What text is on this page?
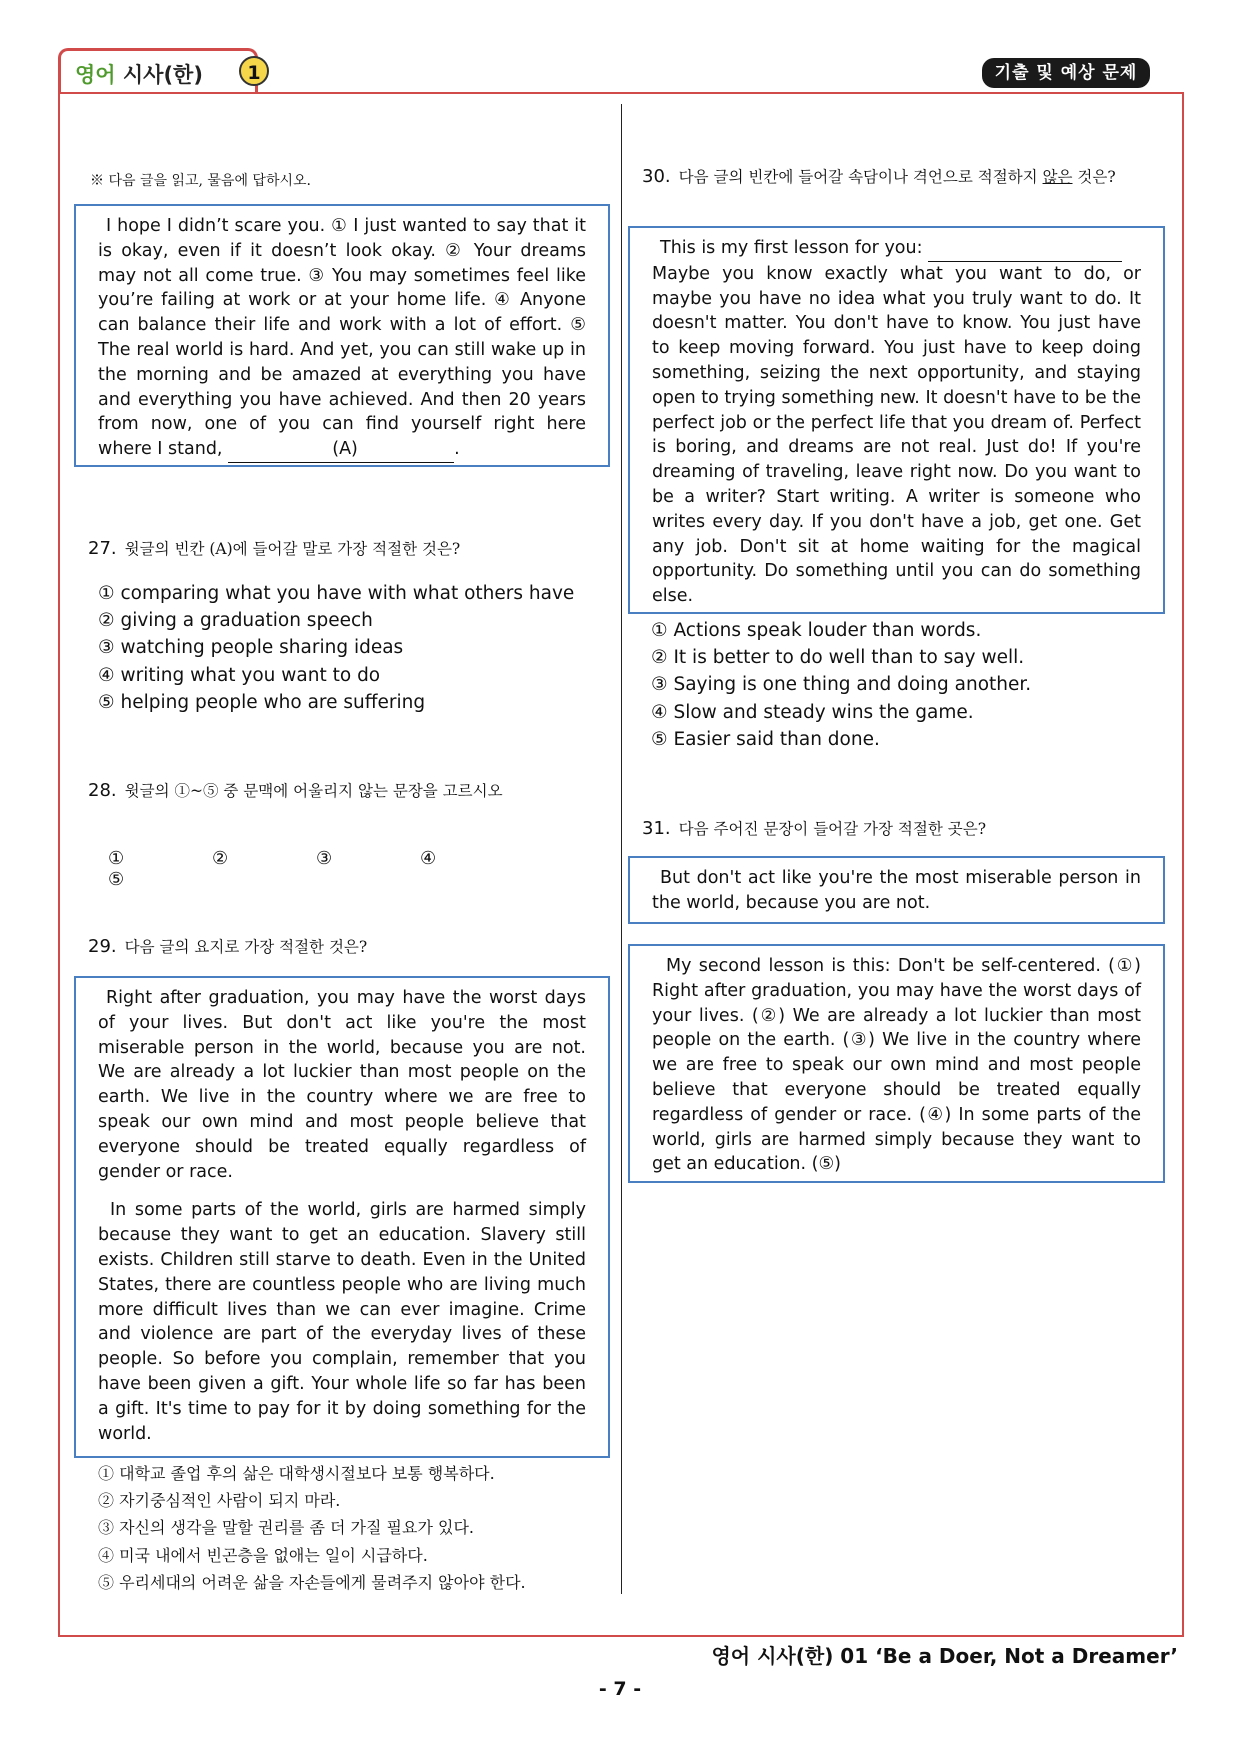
영어 시사(한)	1	기출 및 예상 문제
※ 다음 글을 읽고, 물음에 답하시오.

I hope I didn’t scare you. ① I just wanted to say that it is okay, even if it doesn’t look okay. ② Your dreams may not all come true. ③ You may sometimes feel like you’re failing at work or at your home life. ④ Anyone can balance their life and work with a lot of effort. ⑤ The real world is hard. And yet, you can still wake up in the morning and be amazed at everything you have and everything you have achieved. And then 20 years from now, one of you can find yourself right here where I stand,	(A)	.

27. 윗글의 빈칸 (A)에 들어갈 말로 가장 적절한 것은?
① comparing what you have with what others have
② giving a graduation speech
③ watching people sharing ideas
④ writing what you want to do
⑤ helping people who are suffering
28. 윗글의 ①~⑤ 중 문맥에 어울리지 않는 문장을 고르시오
①	②	③	④⑤
29. 다음 글의 요지로 가장 적절한 것은?

Right after graduation, you may have the worst days of your lives. But don't act like you're the most miserable person in the world, because you are not. We are already a lot luckier than most people on the earth. We live in the country where we are free to speak our own mind and most people believe that everyone should be treated equally regardless of gender or race.

In some parts of the world, girls are harmed simply because they want to get an education. Slavery still exists. Children still starve to death. Even in the United States, there are countless people who are living much more difficult lives than we can ever imagine. Crime and violence are part of the everyday lives of these people. So before you complain, remember that you have been given a gift. Your whole life so far has been a gift. It's time to pay for it by doing something for the world.

① 대학교 졸업 후의 삶은 대학생시절보다 보통 행복하다.
② 자기중심적인 사람이 되지 마라.
③ 자신의 생각을 말할 권리를 좀 더 가질 필요가 있다.
④ 미국 내에서 빈곤층을 없애는 일이 시급하다.
⑤ 우리세대의 어려운 삶을 자손들에게 물려주지 않아야 한다.
30. 다음 글의 빈칸에 들어갈 속담이나 격언으로 적절하지 않은 것은?

This is my first lesson for you:

Maybe you know exactly what you want to do, or maybe you have no idea what you truly want to do. It doesn't matter. You don't have to know. You just have to keep moving forward. You just have to keep doing something, seizing the next opportunity, and staying open to trying something new. It doesn't have to be the perfect job or the perfect life that you dream of. Perfect is boring, and dreams are not real. Just do! If you're dreaming of traveling, leave right now. Do you want to be a writer? Start writing. A writer is someone who writes every day. If you don't have a job, get one. Get any job. Don't sit at home waiting for the magical opportunity. Do something until you can do something else.

① Actions speak louder than words.
② It is better to do well than to say well.
③ Saying is one thing and doing another.
④ Slow and steady wins the game.
⑤ Easier said than done.
31. 다음 주어진 문장이 들어갈 가장 적절한 곳은?

But don't act like you're the most miserable person in the world, because you are not.

My second lesson is this: Don't be self-centered. (①) Right after graduation, you may have the worst days of your lives. (②) We are already a lot luckier than most people on the earth. (③) We live in the country where we are free to speak our own mind and most people believe that everyone should be treated equally regardless of gender or race. (④) In some parts of the world, girls are harmed simply because they want to get an education. (⑤)

영어 시사(한) 01 ‘Be a Doer, Not a Dreamer’
- 7 -
